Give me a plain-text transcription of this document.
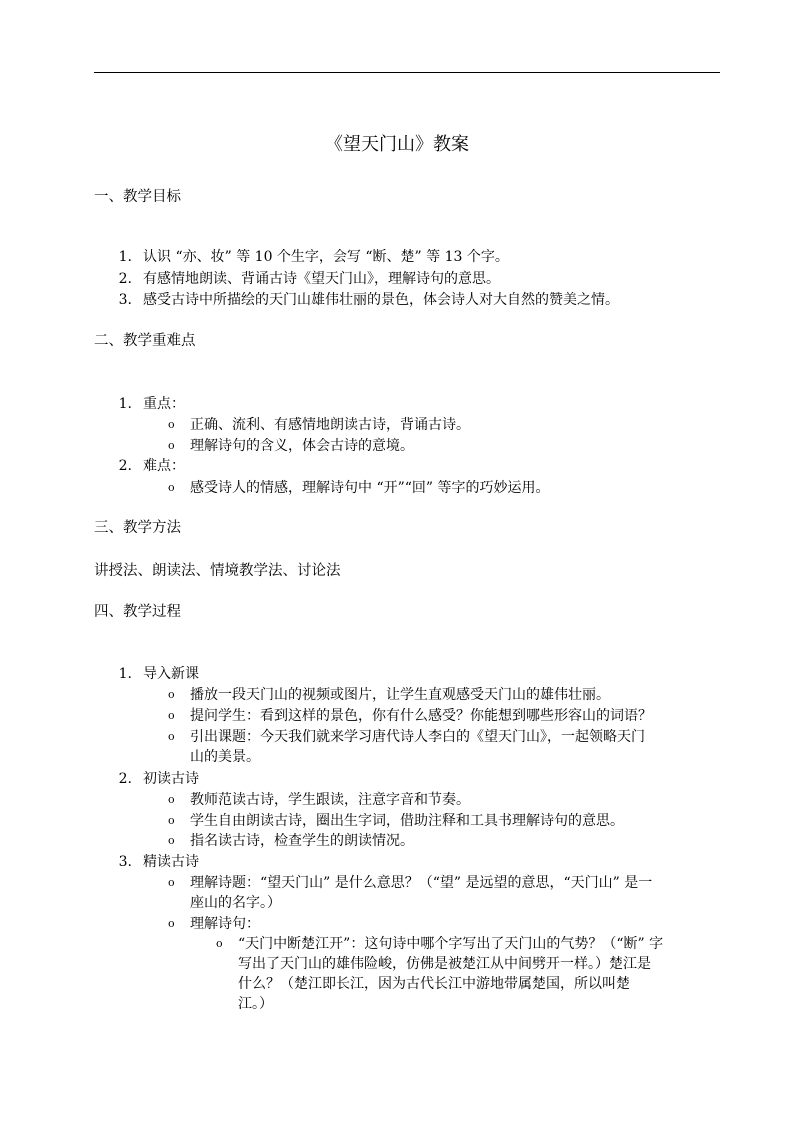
《望天门山》教案
一、教学目标
1. 认识 “亦、妆” 等 10 个生字，会写 “断、楚” 等 13 个字。
2. 有感情地朗读、背诵古诗《望天门山》，理解诗句的意思。
3. 感受古诗中所描绘的天门山雄伟壮丽的景色，体会诗人对大自然的赞美之情。
二、教学重难点
1. 重点：
o 正确、流利、有感情地朗读古诗，背诵古诗。
o 理解诗句的含义，体会古诗的意境。
2. 难点：
o 感受诗人的情感，理解诗句中 “开”“回” 等字的巧妙运用。
三、教学方法
讲授法、朗读法、情境教学法、讨论法
四、教学过程
1. 导入新课
o 播放一段天门山的视频或图片，让学生直观感受天门山的雄伟壮丽。
o 提问学生：看到这样的景色，你有什么感受？你能想到哪些形容山的词语？
o 引出课题：今天我们就来学习唐代诗人李白的《望天门山》，一起领略天门
山的美景。
2. 初读古诗
o 教师范读古诗，学生跟读，注意字音和节奏。
o 学生自由朗读古诗，圈出生字词，借助注释和工具书理解诗句的意思。
o 指名读古诗，检查学生的朗读情况。
3. 精读古诗
o 理解诗题：“望天门山” 是什么意思？（“望” 是远望的意思，“天门山” 是一
座山的名字。）
o 理解诗句：
o “天门中断楚江开”：这句诗中哪个字写出了天门山的气势？（“断” 字
写出了天门山的雄伟险峻，仿佛是被楚江从中间劈开一样。）楚江是
什么？（楚江即长江，因为古代长江中游地带属楚国，所以叫楚
江。）
